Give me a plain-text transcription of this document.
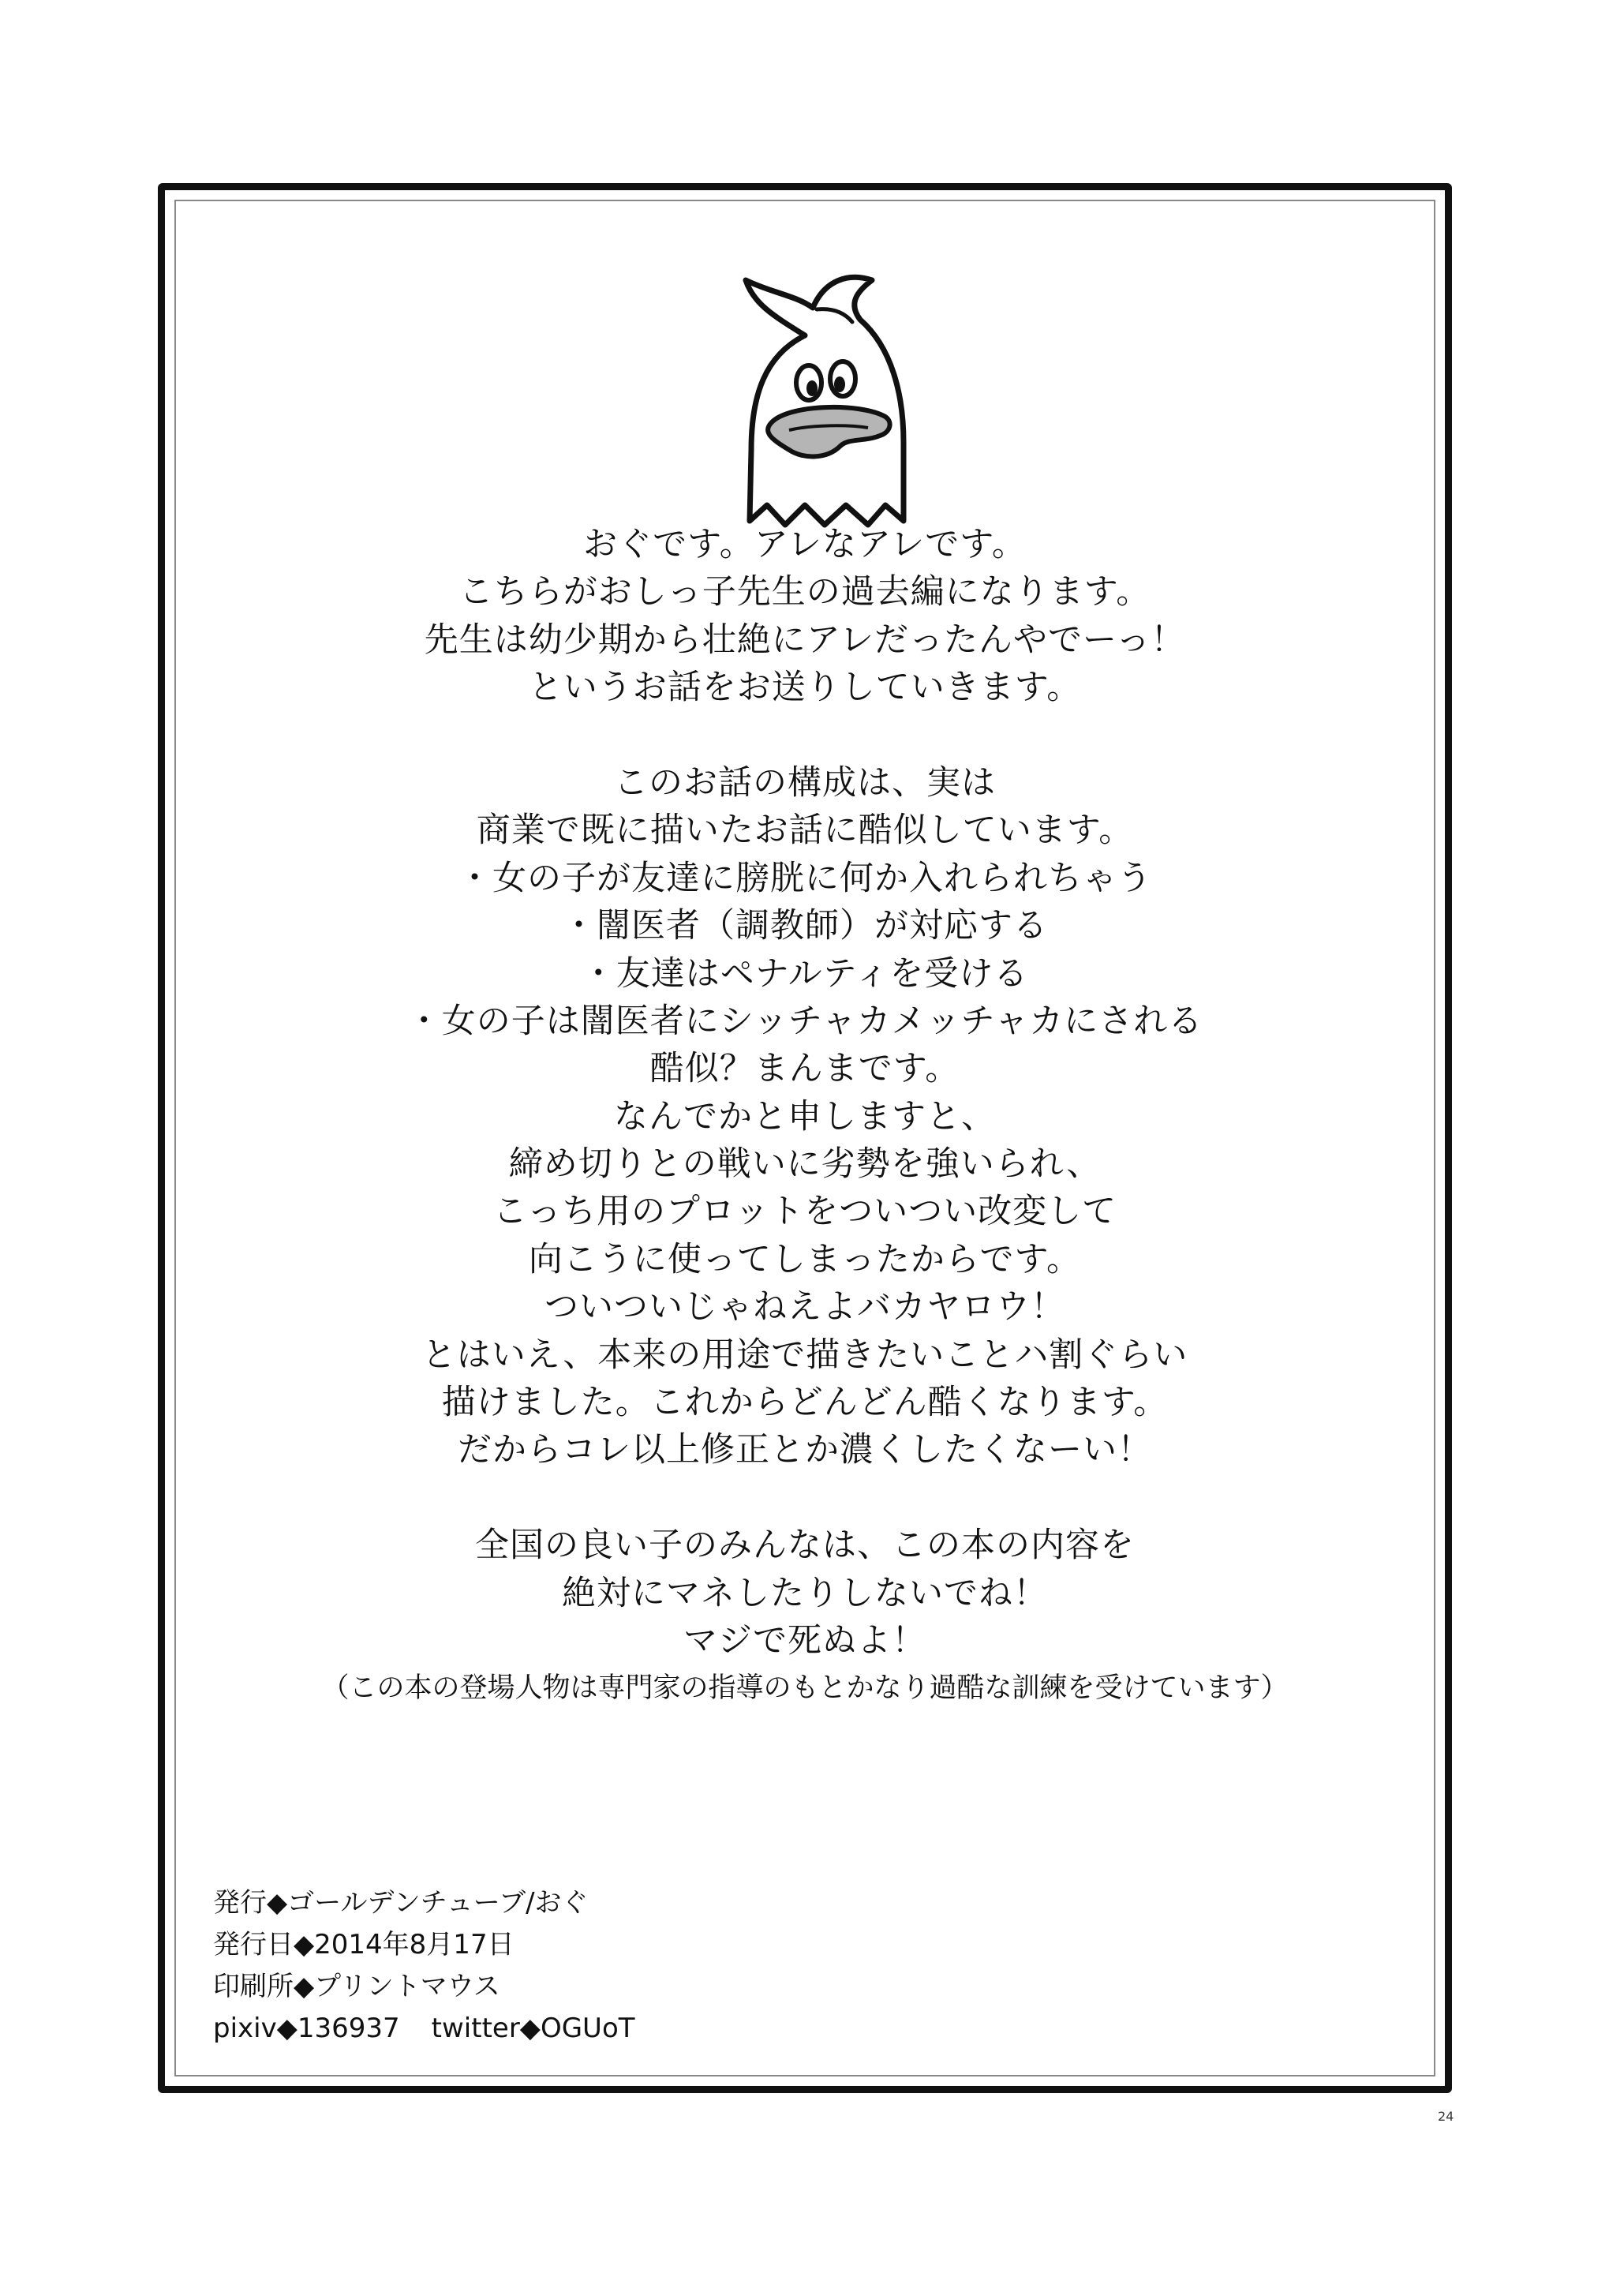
おぐです。アレなアレです。
こちらがおしっ子先生の過去編になります。
先生は幼少期から壮絶にアレだったんやでーっ！
というお話をお送りしていきます。
このお話の構成は、実は
商業で既に描いたお話に酷似しています。
・女の子が友達に膀胱に何か入れられちゃう
・闇医者（調教師）が対応する
・友達はペナルティを受ける
・女の子は闇医者にシッチャカメッチャカにされる
酷似？まんまです。
なんでかと申しますと、
締め切りとの戦いに劣勢を強いられ、
こっち用のプロットをついつい改変して
向こうに使ってしまったからです。
ついついじゃねえよバカヤロウ！
とはいえ、本来の用途で描きたいことハ割ぐらい
描けました。これからどんどん酷くなります。
だからコレ以上修正とか濃くしたくなーい！
全国の良い子のみんなは、この本の内容を
絶対にマネしたりしないでね！
マジで死ぬよ！
（この本の登場人物は専門家の指導のもとかなり過酷な訓練を受けています）
発行◆ゴールデンチューブ/おぐ
発行日◆2014年8月17日
印刷所◆プリントマウス
pixiv◆136937 twitter◆OGUoT
24
